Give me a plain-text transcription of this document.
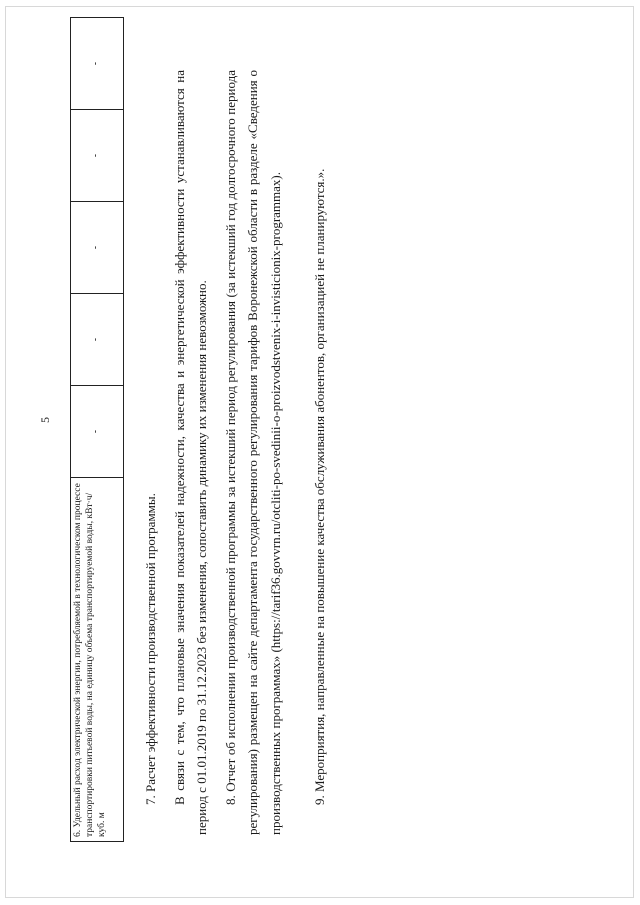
5
6. Удельный расход электрической энергии, потребляемой в технологическом процессе транспортировки питьевой воды, на единицу объема транспортируемой воды, кВт·ч/куб. м	-	-	-	-	-

7. Расчет эффективности производственной программы.	В связи с тем, что плановые значения показателей надежности, качества и энергетической эффективности устанавливаются на период с 01.01.2019 по 31.12.2023 без изменения, сопоставить динамику их изменения невозможно.	8. Отчет об исполнении производственной программы за истекший период регулирования (за истекший год долгосрочного периода регулирования) размещен на сайте департамента государственного регулирования тарифов Воронежской области в разделе «Сведения о производственных программах» (https://tarif36.govvrn.ru/otcliti-po-svedinii-o-proizvodstvenix-i-invisticionix-programmax).	9. Мероприятия, направленные на повышение качества обслуживания абонентов, организацией не планируются.».
